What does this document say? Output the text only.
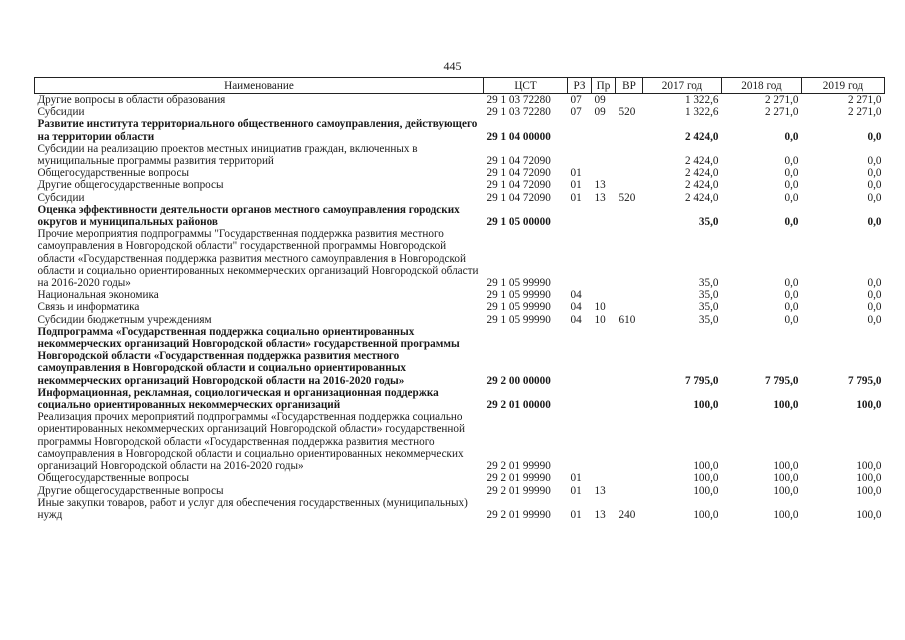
445
Наименование	ЦСТ	РЗ	Пр	ВР	2017 год	2018 год	2019 год
Другие вопросы в области образования	29 1 03 72280	07	09		1 322,6	2 271,0	2 271,0
Субсидии	29 1 03 72280	07	09	520	1 322,6	2 271,0	2 271,0
Развитие института территориального общественного самоуправления, действующего на территории области	29 1 04 00000				2 424,0	0,0	0,0
Субсидии на реализацию проектов местных инициатив граждан, включенных в муниципальные программы развития территорий	29 1 04 72090				2 424,0	0,0	0,0
Общегосударственные вопросы	29 1 04 72090	01			2 424,0	0,0	0,0
Другие общегосударственные вопросы	29 1 04 72090	01	13		2 424,0	0,0	0,0
Субсидии	29 1 04 72090	01	13	520	2 424,0	0,0	0,0
Оценка эффективности деятельности органов местного самоуправления городских округов и муниципальных районов	29 1 05 00000				35,0	0,0	0,0
Прочие мероприятия подпрограммы "Государственная поддержка развития местного самоуправления в Новгородской области" государственной программы Новгородской области «Государственная поддержка развития местного самоуправления в Новгородской области и социально ориентированных некоммерческих организаций Новгородской области на 2016-2020 годы»	29 1 05 99990				35,0	0,0	0,0
Национальная экономика	29 1 05 99990	04			35,0	0,0	0,0
Связь и информатика	29 1 05 99990	04	10		35,0	0,0	0,0
Субсидии бюджетным учреждениям	29 1 05 99990	04	10	610	35,0	0,0	0,0
Подпрограмма «Государственная поддержка социально ориентированных некоммерческих организаций Новгородской области» государственной программы Новгородской области «Государственная поддержка развития местного самоуправления в Новгородской области и социально ориентированных некоммерческих организаций Новгородской области на 2016-2020 годы»	29 2 00 00000				7 795,0	7 795,0	7 795,0
Информационная, рекламная, социологическая и организационная поддержка социально ориентированных некоммерческих организаций	29 2 01 00000				100,0	100,0	100,0
Реализация прочих мероприятий подпрограммы «Государственная поддержка социально ориентированных некоммерческих организаций Новгородской области» государственной программы Новгородской области «Государственная поддержка развития местного самоуправления в Новгородской области и социально ориентированных некоммерческих организаций Новгородской области на 2016-2020 годы»	29 2 01 99990				100,0	100,0	100,0
Общегосударственные вопросы	29 2 01 99990	01			100,0	100,0	100,0
Другие общегосударственные вопросы	29 2 01 99990	01	13		100,0	100,0	100,0
Иные закупки товаров, работ и услуг для обеспечения государственных (муниципальных) нужд	29 2 01 99990	01	13	240	100,0	100,0	100,0
